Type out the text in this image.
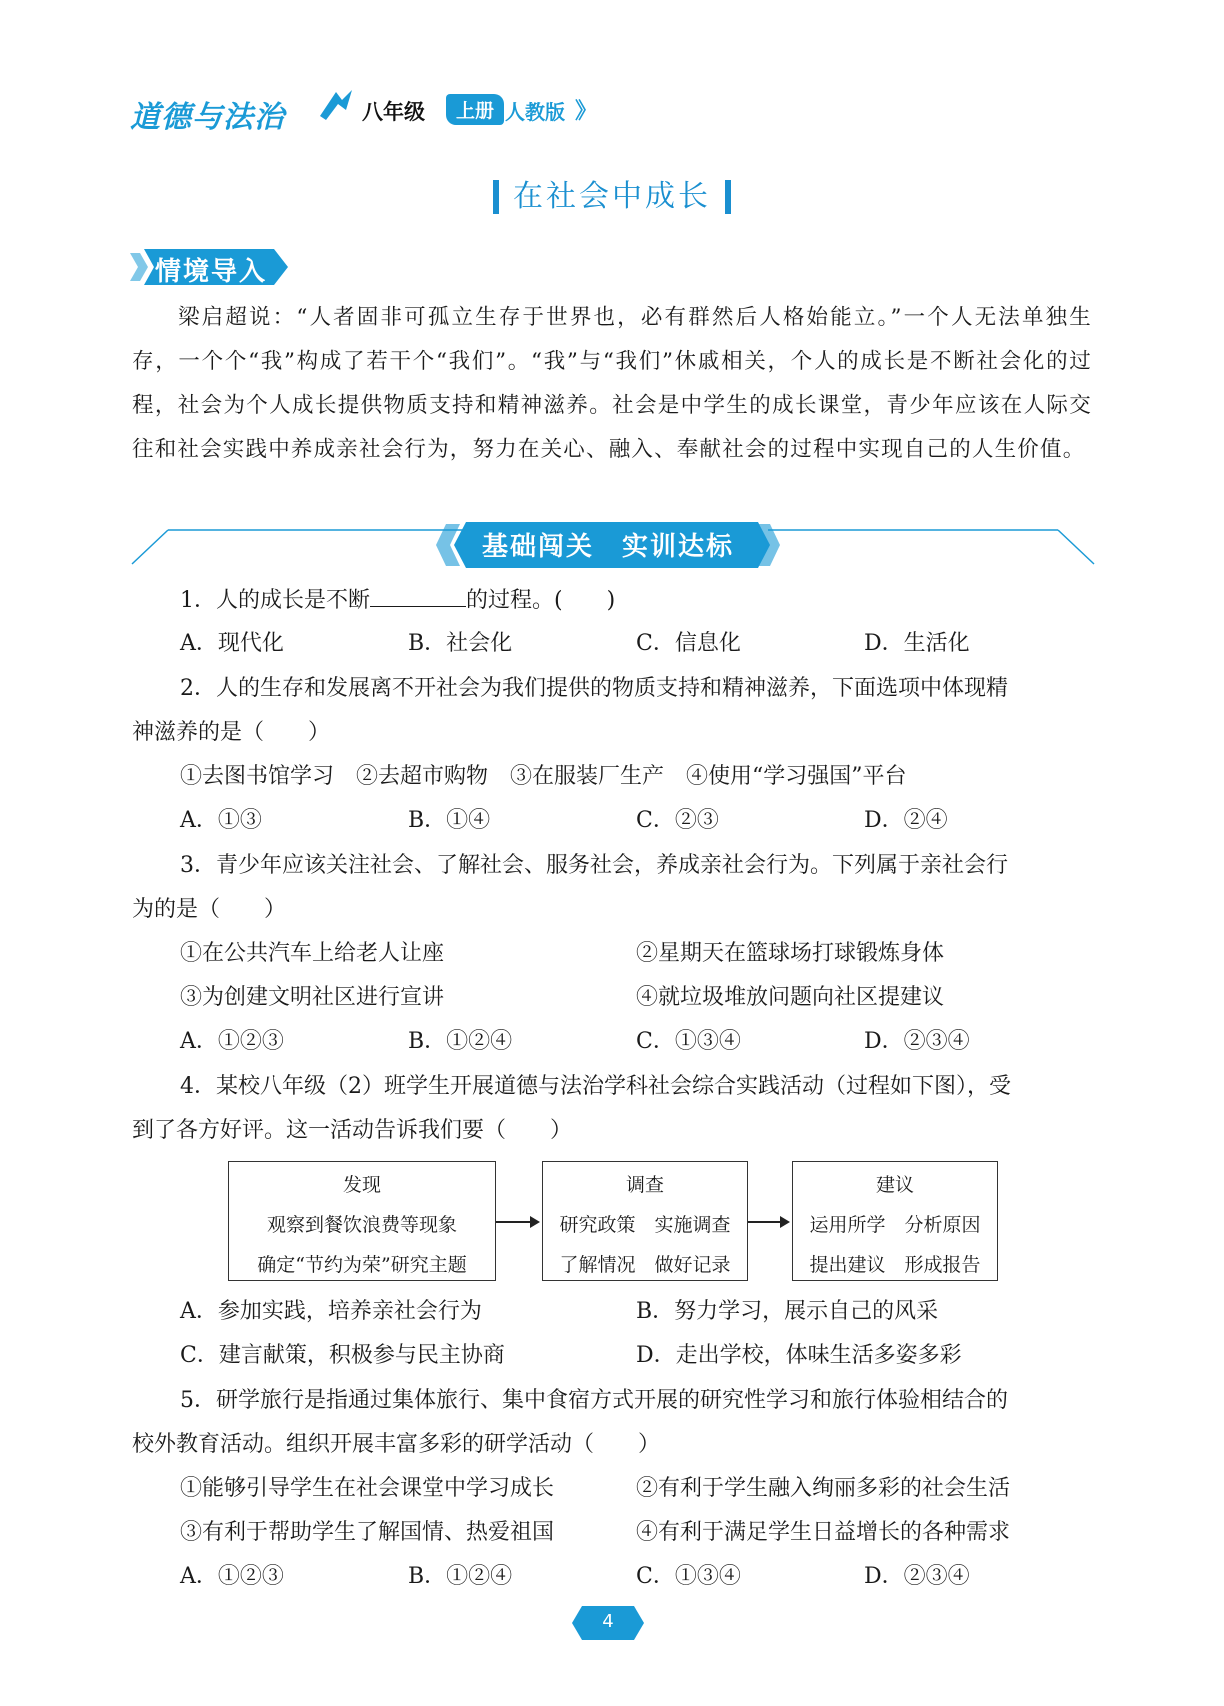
道德与法治	八年级	上册 人教版 》
在社会中成长
情境导入
梁启超说：“人者固非可孤立生存于世界也，必有群然后人格始能立。”一个人无法单独生存，一个个“我”构成了若干个“我们”。“我”与“我们”休戚相关，个人的成长是不断社会化的过程，社会为个人成长提供物质支持和精神滋养。社会是中学生的成长课堂，青少年应该在人际交往和社会实践中养成亲社会行为，努力在关心、融入、奉献社会的过程中实现自己的人生价值。
基础闯关　实训达标
1．人的成长是不断	的过程。(　　)
A．现代化	B．社会化	C．信息化	D．生活化
2．人的生存和发展离不开社会为我们提供的物质支持和精神滋养，下面选项中体现精
神滋养的是（　　）
①去图书馆学习　②去超市购物　③在服装厂生产　④使用“学习强国”平台
A．①③	B．①④	C．②③	D．②④
3．青少年应该关注社会、了解社会、服务社会，养成亲社会行为。下列属于亲社会行
为的是（　　）
①在公共汽车上给老人让座	②星期天在篮球场打球锻炼身体
③为创建文明社区进行宣讲	④就垃圾堆放问题向社区提建议
A．①②③	B．①②④	C．①③④	D．②③④
4．某校八年级（2）班学生开展道德与法治学科社会综合实践活动（过程如下图），受
到了各方好评。这一活动告诉我们要（　　）
发现
观察到餐饮浪费等现象
确定“节约为荣”研究主题
调查
研究政策　实施调查
了解情况　做好记录
建议
运用所学　分析原因
提出建议　形成报告
A．参加实践，培养亲社会行为	B．努力学习，展示自己的风采
C．建言献策，积极参与民主协商	D．走出学校，体味生活多姿多彩
5．研学旅行是指通过集体旅行、集中食宿方式开展的研究性学习和旅行体验相结合的
校外教育活动。组织开展丰富多彩的研学活动（　　）
①能够引导学生在社会课堂中学习成长	②有利于学生融入绚丽多彩的社会生活
③有利于帮助学生了解国情、热爱祖国	④有利于满足学生日益增长的各种需求
A．①②③	B．①②④	C．①③④	D．②③④
4
